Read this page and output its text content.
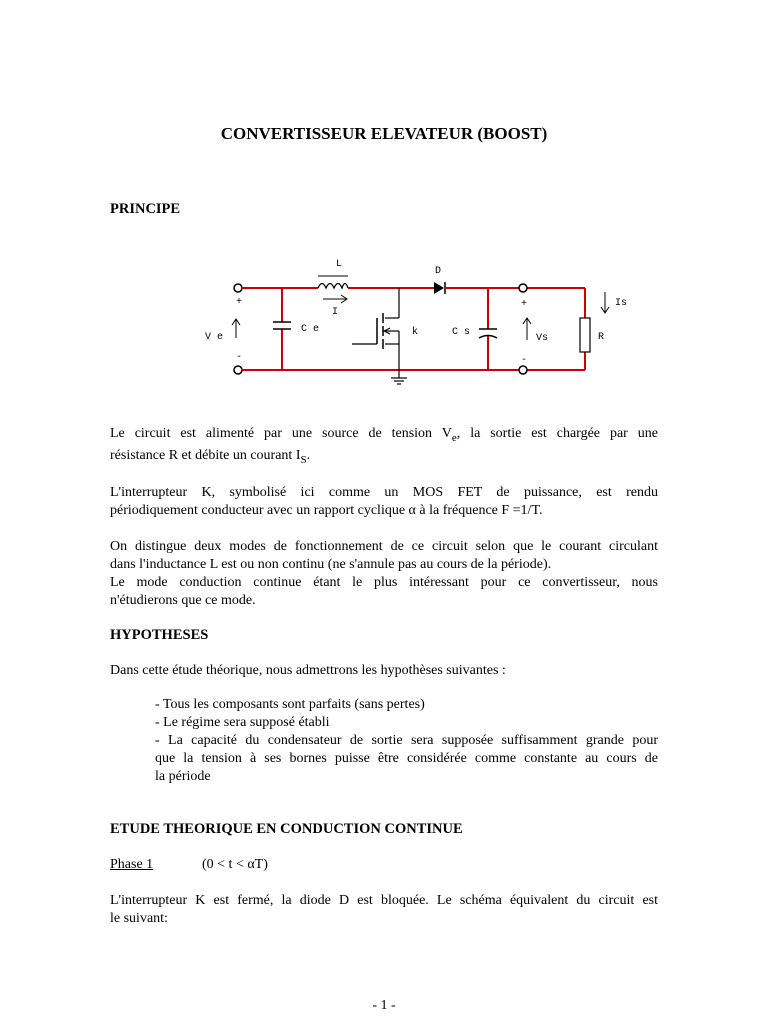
CONVERTISSEUR ELEVATEUR (BOOST)
PRINCIPE
L
I
D
C e
+
V e
-
k	C s
+
Vs
-
R
Is
Le circuit est alimenté par une source de tension $V_e$, la sortie est chargée par une
résistance R et débite un courant $I_S$.
L'interrupteur K, symbolisé ici comme un MOS FET de puissance, est rendu
périodiquement conducteur avec un rapport cyclique α à la fréquence F =1/T.
On distingue deux modes de fonctionnement de ce circuit selon que le courant circulant
dans l'inductance L est ou non continu (ne s'annule pas au cours de la période).
Le mode conduction continue étant le plus intéressant pour ce convertisseur, nous
n'étudierons que ce mode.
HYPOTHESES
Dans cette étude théorique, nous admettrons les hypothèses suivantes :
- Tous les composants sont parfaits (sans pertes)
- Le régime sera supposé établi
- La capacité du condensateur de sortie sera supposée suffisamment grande pour
que la tension à ses bornes puisse être considérée comme constante au cours de
la période
ETUDE THEORIQUE EN CONDUCTION CONTINUE
Phase 1	(0 < t < αT)
L'interrupteur K est fermé, la diode D est bloquée. Le schéma équivalent du circuit est
le suivant:
- 1 -
